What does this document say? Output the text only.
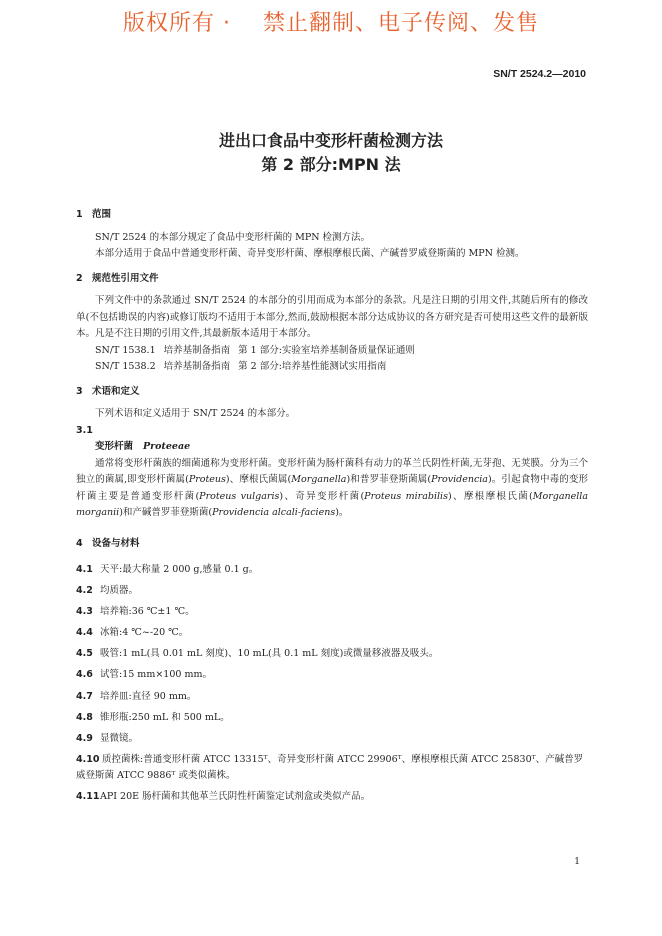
版权所有 · 禁止翻制、电子传阅、发售
SN/T 2524.2—2010
进出口食品中变形杆菌检测方法
第 2 部分:MPN 法
1 范围
SN/T 2524 的本部分规定了食品中变形杆菌的 MPN 检测方法。
本部分适用于食品中普通变形杆菌、奇异变形杆菌、摩根摩根氏菌、产碱普罗威登斯菌的 MPN 检测。
2 规范性引用文件
下列文件中的条款通过 SN/T 2524 的本部分的引用而成为本部分的条款。凡是注日期的引用文件,其随后所有的修改单(不包括勘误的内容)或修订版均不适用于本部分,然而,鼓励根据本部分达成协议的各方研究是否可使用这些文件的最新版本。凡是不注日期的引用文件,其最新版本适用于本部分。
SN/T 1538.1 培养基制备指南 第 1 部分:实验室培养基制备质量保证通则
SN/T 1538.2 培养基制备指南 第 2 部分:培养基性能测试实用指南
3 术语和定义
下列术语和定义适用于 SN/T 2524 的本部分。
3.1
变形杆菌 Proteeae
通常将变形杆菌族的细菌通称为变形杆菌。变形杆菌为肠杆菌科有动力的革兰氏阴性杆菌,无芽孢、无荚膜。分为三个独立的菌属,即变形杆菌属(Proteus)、摩根氏菌属(Morganella)和普罗菲登斯菌属(Providencia)。引起食物中毒的变形杆菌主要是普通变形杆菌(Proteus vulgaris)、奇异变形杆菌(Proteus mirabilis)、摩根摩根氏菌(Morganella morganii)和产碱普罗菲登斯菌(Providencia alcali-faciens)。
4 设备与材料
4.1 天平:最大称量 2 000 g,感量 0.1 g。
4.2 均质器。
4.3 培养箱:36 ℃±1 ℃。
4.4 冰箱:4 ℃~-20 ℃。
4.5 吸管:1 mL(具 0.01 mL 刻度)、10 mL(具 0.1 mL 刻度)或微量移液器及吸头。
4.6 试管:15 mm×100 mm。
4.7 培养皿:直径 90 mm。
4.8 锥形瓶:250 mL 和 500 mL。
4.9 显微镜。
4.10 质控菌株:普通变形杆菌 ATCC 13315ᵀ、奇异变形杆菌 ATCC 29906ᵀ、摩根摩根氏菌 ATCC 25830ᵀ、产碱普罗威登斯菌 ATCC 9886ᵀ 或类似菌株。
4.11API 20E 肠杆菌和其他革兰氏阴性杆菌鉴定试剂盒或类似产品。
1
